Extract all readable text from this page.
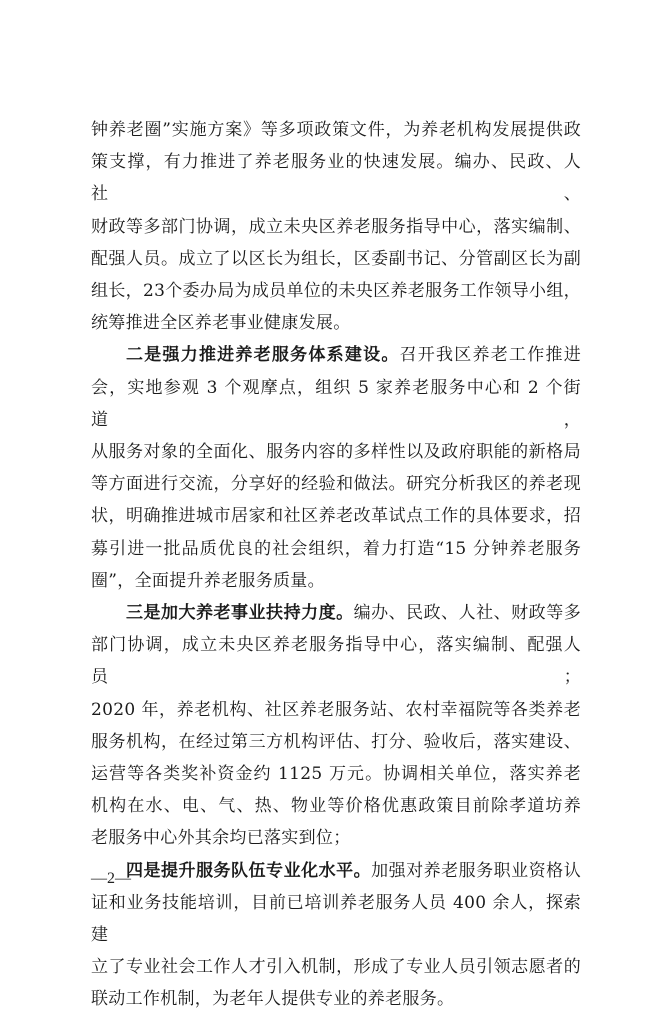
钟养老圈”实施方案》等多项政策文件，为养老机构发展提供政
策支撑，有力推进了养老服务业的快速发展。编办、民政、人社、
财政等多部门协调，成立未央区养老服务指导中心，落实编制、
配强人员。成立了以区长为组长，区委副书记、分管副区长为副
组长，23个委办局为成员单位的未央区养老服务工作领导小组，
统筹推进全区养老事业健康发展。
二是强力推进养老服务体系建设。召开我区养老工作推进
会，实地参观 3 个观摩点，组织 5 家养老服务中心和 2 个街道，
从服务对象的全面化、服务内容的多样性以及政府职能的新格局
等方面进行交流，分享好的经验和做法。研究分析我区的养老现
状，明确推进城市居家和社区养老改革试点工作的具体要求，招
募引进一批品质优良的社会组织，着力打造“15 分钟养老服务
圈”，全面提升养老服务质量。
三是加大养老事业扶持力度。编办、民政、人社、财政等多
部门协调，成立未央区养老服务指导中心，落实编制、配强人员；
2020 年，养老机构、社区养老服务站、农村幸福院等各类养老
服务机构，在经过第三方机构评估、打分、验收后，落实建设、
运营等各类奖补资金约 1125 万元。协调相关单位，落实养老
机构在水、电、气、热、物业等价格优惠政策目前除孝道坊养
老服务中心外其余均已落实到位；
四是提升服务队伍专业化水平。加强对养老服务职业资格认
证和业务技能培训，目前已培训养老服务人员 400 余人，探索建
立了专业社会工作人才引入机制，形成了专业人员引领志愿者的
联动工作机制，为老年人提供专业的养老服务。
—2—
